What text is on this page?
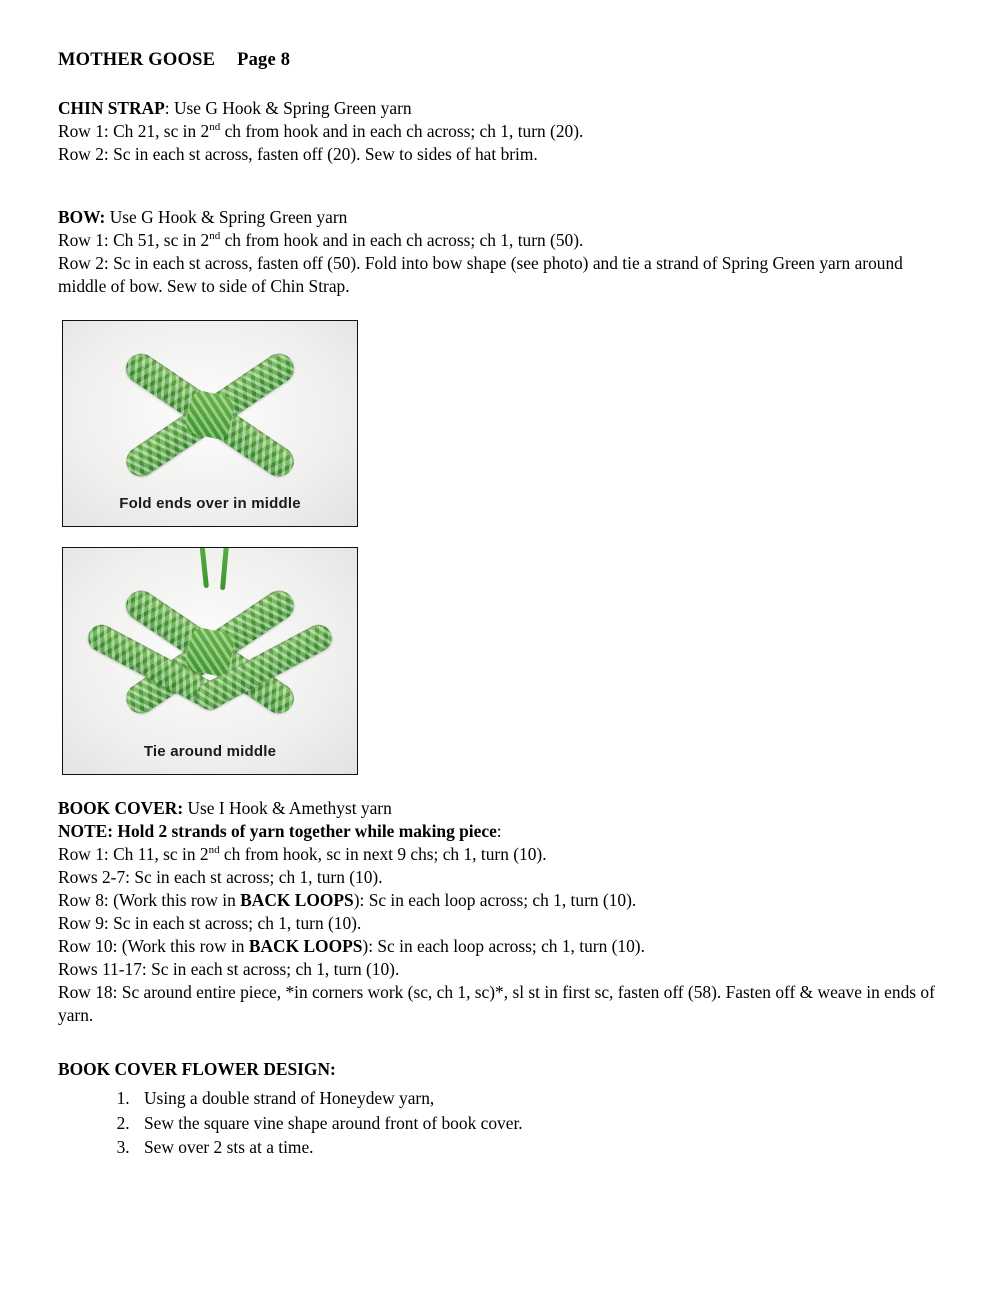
MOTHER GOOSE Page 8
CHIN STRAP: Use G Hook & Spring Green yarn
Row 1: Ch 21, sc in 2nd ch from hook and in each ch across; ch 1, turn (20).
Row 2: Sc in each st across, fasten off (20). Sew to sides of hat brim.
BOW: Use G Hook & Spring Green yarn
Row 1: Ch 51, sc in 2nd ch from hook and in each ch across; ch 1, turn (50).
Row 2: Sc in each st across, fasten off (50). Fold into bow shape (see photo) and tie a strand of Spring Green yarn around middle of bow. Sew to side of Chin Strap.
Fold ends over in middle
Tie around middle
BOOK COVER: Use I Hook & Amethyst yarn
NOTE: Hold 2 strands of yarn together while making piece:
Row 1: Ch 11, sc in 2nd ch from hook, sc in next 9 chs; ch 1, turn (10).
Rows 2-7: Sc in each st across; ch 1, turn (10).
Row 8: (Work this row in BACK LOOPS): Sc in each loop across; ch 1, turn (10).
Row 9: Sc in each st across; ch 1, turn (10).
Row 10: (Work this row in BACK LOOPS): Sc in each loop across; ch 1, turn (10).
Rows 11-17: Sc in each st across; ch 1, turn (10).
Row 18: Sc around entire piece, *in corners work (sc, ch 1, sc)*, sl st in first sc, fasten off (58). Fasten off & weave in ends of yarn.
BOOK COVER FLOWER DESIGN:
1. Using a double strand of Honeydew yarn,
2. Sew the square vine shape around front of book cover.
3. Sew over 2 sts at a time.
